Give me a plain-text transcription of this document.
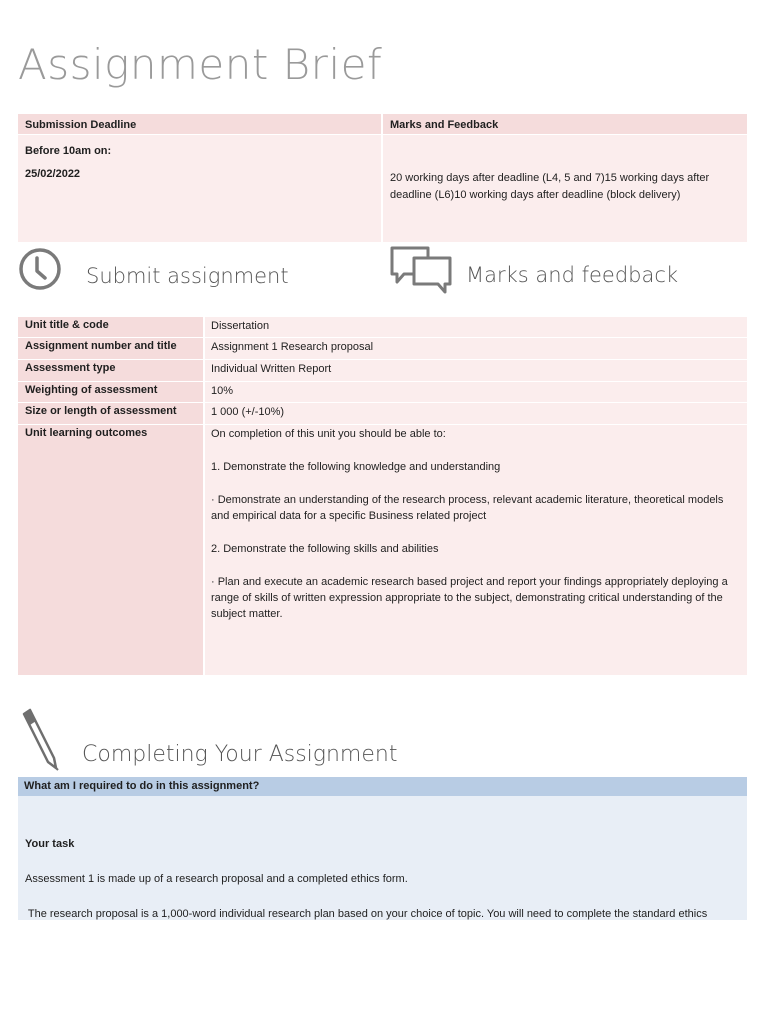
Assignment Brief
Submission Deadline	Marks and Feedback
Before 10am on:
25/02/2022	20 working days after deadline (L4, 5 and 7)15 working days after deadline (L6)10 working days after deadline (block delivery)
Submit assignment	Marks and feedback
Unit title & code	Dissertation
Assignment number and title	Assignment 1 Research proposal
Assessment type	Individual Written Report
Weighting of assessment	10%
Size or length of assessment	1 000 (+/-10%)
Unit learning outcomes	On completion of this unit you should be able to:

1. Demonstrate the following knowledge and understanding

· Demonstrate an understanding of the research process, relevant academic literature, theoretical models and empirical data for a specific Business related project

2. Demonstrate the following skills and abilities

· Plan and execute an academic research based project and report your findings appropriately deploying a range of skills of written expression appropriate to the subject, demonstrating critical understanding of the subject matter.

Completing Your Assignment
What am I required to do in this assignment?

Your task

Assessment 1 is made up of a research proposal and a completed ethics form.

The research proposal is a 1,000-word individual research plan based on your choice of topic. You will need to complete the standard ethics
